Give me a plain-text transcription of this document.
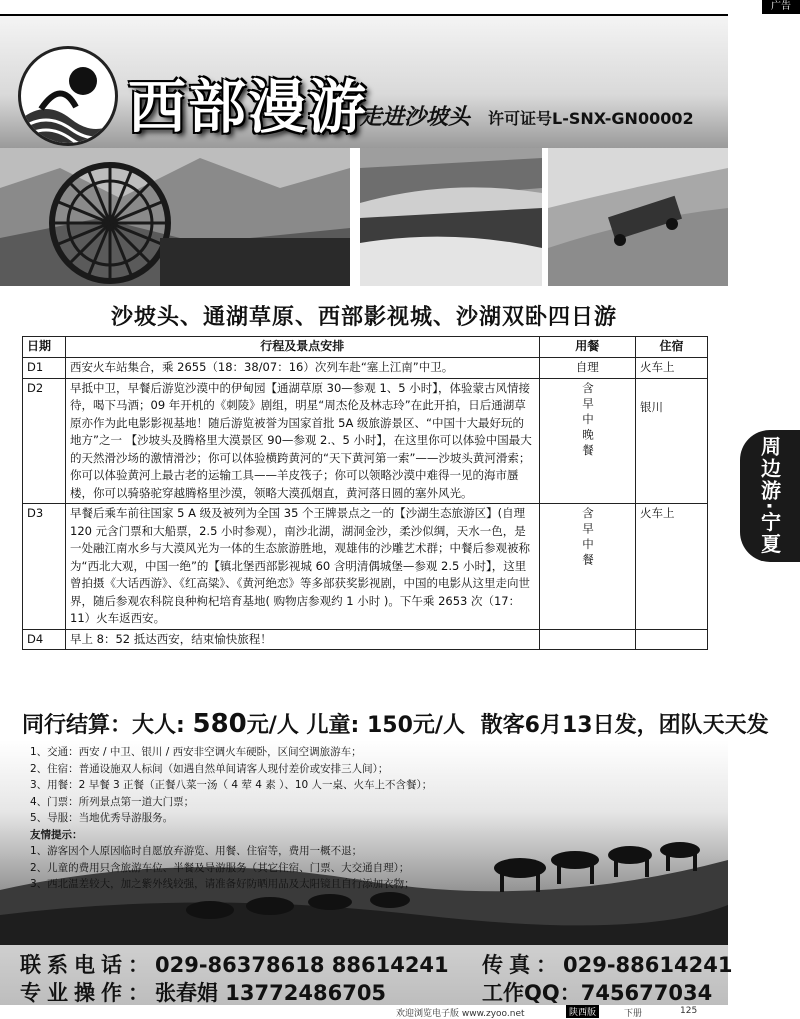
广告
西部漫游
走进沙坡头 许可证号L-SNX-GN00002
沙坡头、通湖草原、西部影视城、沙湖双卧四日游
周边游·宁夏
日期	行程及景点安排	用餐	住宿
D1	西安火车站集合，乘 2655（18：38/07：16）次列车赴“塞上江南”中卫。	自理	火车上
D2	早抵中卫，早餐后游览沙漠中的伊甸园【通湖草原 30—参观 1、5 小时】，体验蒙古风情接待，喝下马酒；09 年开机的《刺陵》剧组，明星“周杰伦及林志玲”在此开拍，日后通湖草原亦作为此电影影视基地！随后游览被誉为国家首批 5A 级旅游景区、“中国十大最好玩的地方”之一 【沙坡头及腾格里大漠景区 90—参观 2.、5 小时】，在这里你可以体验中国最大的天然滑沙场的激情滑沙；你可以体验横跨黄河的“天下黄河第一索”——沙坡头黄河滑索；你可以体验黄河上最古老的运输工具——羊皮筏子；你可以领略沙漠中难得一见的海市蜃楼，你可以骑骆驼穿越腾格里沙漠，领略大漠孤烟直，黄河落日圆的塞外风光。	含早中晚餐	银川
D3	早餐后乘车前往国家 5 A 级及被列为全国 35 个王牌景点之一的【沙湖生态旅游区】(自理 120 元含门票和大船票，2.5 小时参观），南沙北湖，湖洞金沙，柔沙似绸，天水一色，是一处融江南水乡与大漠风光为一体的生态旅游胜地，观雄伟的沙雕艺术群；中餐后参观被称为“西北大观，中国一绝”的【镇北堡西部影视城 60 含明清偶城堡—参观 2.5 小时】，这里曾拍摄《大话西游》、《红高粱》、《黄河绝恋》等多部获奖影视剧，中国的电影从这里走向世界，随后参观农科院良种枸杞培育基地( 购物店参观约 1 小时 )。下午乘 2653 次（17：11）火车返西安。	含早中餐	火车上
D4	早上 8：52 抵达西安，结束愉快旅程！		
同行结算：大人: 580元/人 儿童: 150元/人 散客6月13日发，团队天天发
1、交通：西安 / 中卫、银川 / 西安非空调火车硬卧，区间空调旅游车；
2、住宿：普通设施双人标间（如遇自然单间请客人现付差价或安排三人间）；
3、用餐：2 早餐 3 正餐（正餐八菜一汤（ 4 荤 4 素 ）、10 人一桌、火车上不含餐）；
4、门票：所列景点第一道大门票；
5、导服：当地优秀导游服务。
友情提示：
1、游客因个人原因临时自愿放弃游览、用餐、住宿等，费用一概不退；
2、儿童的费用只含旅游车位、半餐及导游服务（其它住宿、门票、大交通自理）；
3、西北温差较大，加之紫外线较强，请准备好防晒用品及太阳镜且自行添加衣物；
联系电话：029-86378618 88614241 传真：029-88614241
专业操作：张春娟 13772486705	工作QQ：745677034
欢迎浏览电子版 www.zyoo.net	陕西版	下册	125
